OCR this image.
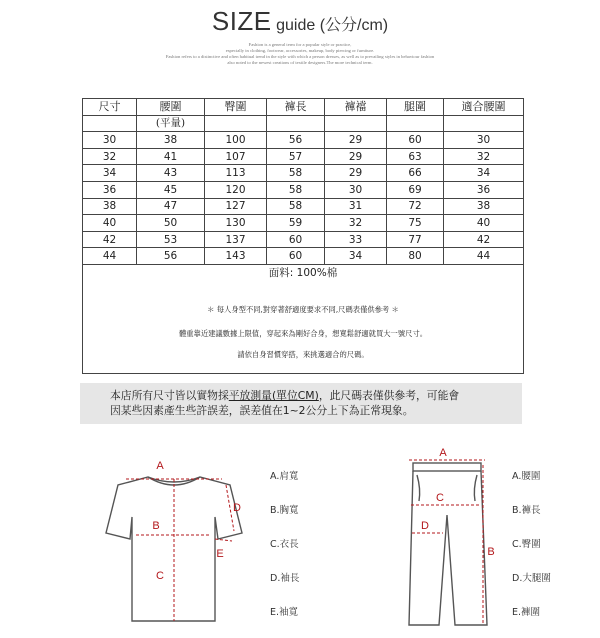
SIZE guide (公分/cm)
Fashion is a general term for a popular style or practice,
especially in clothing, footwear, accessories, makeup, body piercing or furniture.
Fashion refers to a distinctive and often habitual trend in the style with which a person dresses, as well as to prevailing styles in behaviour fashion
also noted to the newest creations of textile designers.The more technical term.
尺寸	腰圍	臀圍	褲長	褲襠	腿圍	適合腰圍
	(平量)					
30	38	100	56	29	60	30
32	41	107	57	29	63	32
34	43	113	58	29	66	34
36	45	120	58	30	69	36
38	47	127	58	31	72	38
40	50	130	59	32	75	40
42	53	137	60	33	77	42
44	56	143	60	34	80	44

面料: 100%棉
＊ 每人身型不同,對穿著舒適度要求不同,尺碼表僅供參考 ＊
體重靠近建議數據上限值，穿起來為剛好合身，想寬鬆舒適就買大一號尺寸。
請依自身習慣穿搭，來挑選適合的尺碼。						

本店所有尺寸皆以實物採平放測量(單位CM)，此尺碼表僅供參考，可能會

因某些因素產生些許誤差，誤差值在1~2公分上下為正常現象。

A
B
C
D
E
A.肩寬
B.胸寬
C.衣長
D.袖長
E.袖寬
A
B
C
D
A.腰圍
B.褲長
C.臀圍
D.大腿圍
E.褲圍
